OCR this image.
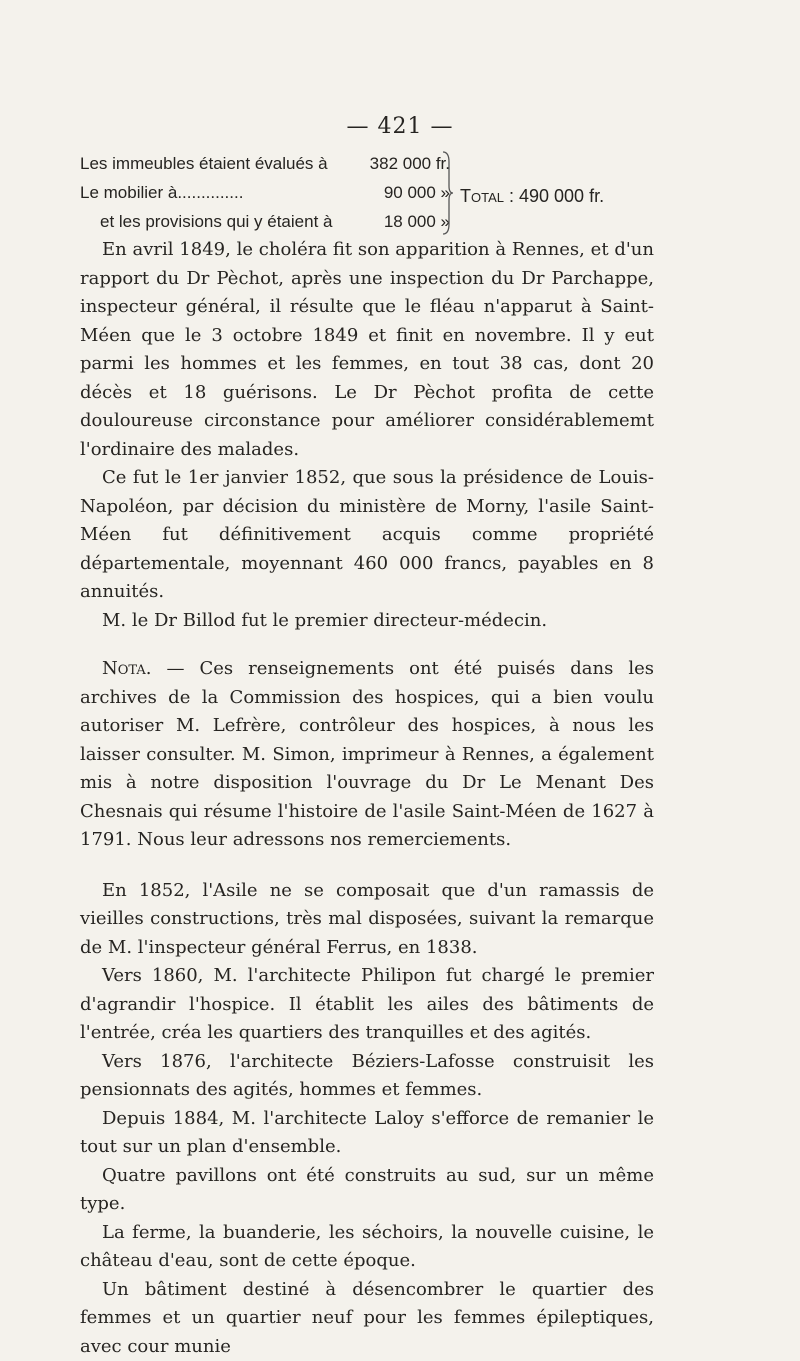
— 421 —
Les immeubles étaient évalués à	382 000 fr.
Le mobilier à..............	90 000 »
et les provisions qui y étaient à	18 000 »
Total : 490 000 fr.

En avril 1849, le choléra fit son apparition à Rennes, et d'un rapport du Dr Pèchot, après une inspection du Dr Parchappe, inspecteur général, il résulte que le fléau n'apparut à Saint-Méen que le 3 octobre 1849 et finit en novembre. Il y eut parmi les hommes et les femmes, en tout 38 cas, dont 20 décès et 18 guérisons. Le Dr Pèchot profita de cette douloureuse circonstance pour améliorer considérablememt l'ordinaire des malades.

Ce fut le 1er janvier 1852, que sous la présidence de Louis-Napoléon, par décision du ministère de Morny, l'asile Saint-Méen fut définitivement acquis comme propriété départementale, moyennant 460 000 francs, payables en 8 annuités.

M. le Dr Billod fut le premier directeur-médecin.

Nota. — Ces renseignements ont été puisés dans les archives de la Commission des hospices, qui a bien voulu autoriser M. Lefrère, contrôleur des hospices, à nous les laisser consulter. M. Simon, imprimeur à Rennes, a également mis à notre disposition l'ouvrage du Dr Le Menant Des Chesnais qui résume l'histoire de l'asile Saint-Méen de 1627 à 1791. Nous leur adressons nos remerciements.

En 1852, l'Asile ne se composait que d'un ramassis de vieilles constructions, très mal disposées, suivant la remarque de M. l'inspecteur général Ferrus, en 1838.

Vers 1860, M. l'architecte Philipon fut chargé le premier d'agrandir l'hospice. Il établit les ailes des bâtiments de l'entrée, créa les quartiers des tranquilles et des agités.

Vers 1876, l'architecte Béziers-Lafosse construisit les pensionnats des agités, hommes et femmes.

Depuis 1884, M. l'architecte Laloy s'efforce de remanier le tout sur un plan d'ensemble.

Quatre pavillons ont été construits au sud, sur un même type.

La ferme, la buanderie, les séchoirs, la nouvelle cuisine, le château d'eau, sont de cette époque.

Un bâtiment destiné à désencombrer le quartier des femmes et un quartier neuf pour les femmes épileptiques, avec cour munie
